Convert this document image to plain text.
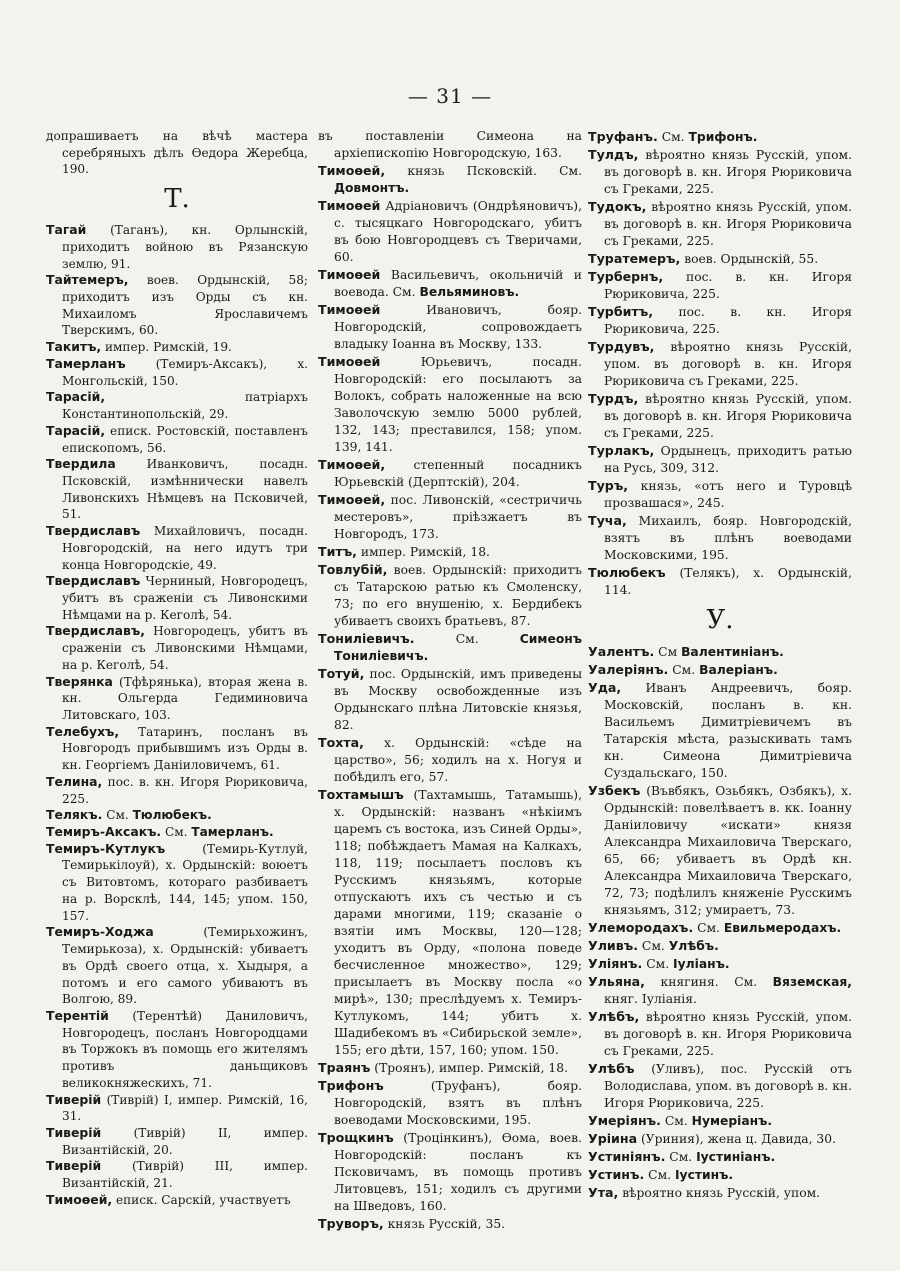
— 31 —
допрашиваетъ на вѣчѣ мастера серебряныхъ дѣлъ Ѳедора Жеребца, 190.
Т.
Тагай (Таганъ), кн. Орлынскій, приходитъ войною въ Рязанскую землю, 91.
Тайтемеръ, воев. Ордынскій, 58; приходитъ изъ Орды съ кн. Михаиломъ Ярославичемъ Тверскимъ, 60.
Такитъ, импер. Римскій, 19.
Тамерланъ (Темиръ-Аксакъ), х. Монгольскій, 150.
Тарасій,	патріархъ Константинопольскій, 29.
Тарасій, епиcк. Ростовскій, поставленъ епископомъ, 56.
Твердила	Иванковичъ, посадн. Псковскій, измѣннически навелъ Ливонскихъ Нѣмцевъ на Псковичей, 51.
Твердиславъ Михайловичъ, посадн. Новгородскій, на него идутъ три конца Новгородскіе, 49.
Твердиславъ Черниный, Новгородецъ, убитъ въ сраженіи съ Ливонскими Нѣмцами на р. Кеголѣ, 54.
Твердиславъ, Новгородецъ, убитъ въ сраженіи съ Ливонскими Нѣмцами, на р. Кеголѣ, 54.
Тверянка (Тфѣрянька), вторая жена в. кн. Ольгерда Гедиминовича Литовскаго, 103.
Телебухъ, Татаринъ, посланъ въ Новгородъ прибывшимъ изъ Орды в. кн. Георгіемъ Даніиловичемъ, 61.
Телина, пос. в. кн. Игоря Рюриковича, 225.
Телякъ. См. Тюлюбекъ.
Темиръ-Аксакъ. См. Тамерланъ.
Темиръ-Кутлукъ	(Темирь-Кутлуй, Темирькілоуй), х. Ордынскій: воюетъ съ Витовтомъ, котораго разбиваетъ на р. Ворсклѣ, 144, 145; упом. 150, 157.
Темиръ-Ходжа	(Темирьхожинъ, Темирькоза), х. Ордынскій: убиваетъ въ Ордѣ своего отца, х. Хыдыря, а потомъ и его самого убиваютъ въ Волгою, 89.
Терентій (Терентѣй) Даниловичъ, Новгородецъ, посланъ Новгородцами въ Торжокъ въ помощь его жителямъ противъ даньщиковъ великокняжескихъ, 71.
Тиверій (Тиврій) I, импер. Римскій, 16, 31.
Тиверій	(Тиврій) II, импер. Византійскій, 20.
Тиверій	(Тиврій) III, импер. Византійскій, 21.
Тимоѳей, епиcк. Сарскій, участвуетъ
въ поставленіи Симеона на архіепископію Новгородскую, 163.
Тимоѳей, князь Псковскій. См. Довмонтъ.
Тимоѳей Адріановичъ (Ондрѣяновичъ), с. тысяцкаго Новгородскаго, убитъ въ бою Новгородцевъ съ Тверичами, 60.
Тимоѳей Васильевичъ, окольничій и воевода. См. Вельяминовъ.
Тимоѳей	Ивановичъ, бояр. Новгородскій, сопровождаетъ владыку Іоанна въ Москву, 133.
Тимоѳей	Юрьевичъ, посадн. Новгородскій: его посылаютъ за Волокъ, собрать наложенные на всю Заволочскую землю 5000 рублей, 132, 143; преставился, 158; упом. 139, 141.
Тимоѳей, степенный посадникъ Юрьевскій (Дерптскій), 204.
Тимоѳей, пос. Ливонскій, «сестричичь местеровъ», пріѣзжаетъ въ Новгородъ, 173.
Титъ, импер. Римскій, 18.
Товлубій, воев. Ордынскій: приходитъ съ Татарскою ратью къ Смоленску, 73; по его внушенію, х. Бердибекъ убиваетъ своихъ братьевъ, 87.
Тониліевичъ.	См.	Симеонъ Тониліевичъ.
Тотуй, пос. Ордынскій, имъ приведены въ Москву освобожденные изъ Ордынскаго плѣна Литовскіе князья, 82.
Тохта, х. Ордынскій: «сѣде на царство», 56; ходилъ на х. Ногуя и побѣдилъ его, 57.
Тохтамышъ (Тахтамышь, Татамышь), х. Ордынскій: названъ «нѣкіимъ царемъ съ востока, изъ Синей Орды», 118; побѣждаетъ Мамая на Калкахъ, 118, 119; посылаетъ пословъ къ Русскимъ князьямъ, которые отпускаютъ ихъ съ честью и съ дарами многими, 119; сказаніе о взятіи имъ Москвы, 120—128; уходитъ въ Орду, «полона поведе бесчисленное множество», 129; присылаетъ въ Москву посла «о мирѣ», 130; преслѣдуемъ х. Темиръ-Кутлукомъ, 144; убитъ х. Шадибекомъ въ «Сибирьской земле», 155; его дѣти, 157, 160; упом. 150.
Траянъ (Троянъ), импер. Римскій, 18.
Трифонъ	(Труфанъ), бояр. Новгородскій, взятъ въ плѣнъ воеводами Московскими, 195.
Трощкинъ (Троцінкинъ), Ѳома, воев. Новгородскій: посланъ къ Псковичамъ, въ помощь противъ Литовцевъ, 151; ходилъ съ другими на Шведовъ, 160.
Труворъ, князь Русскій, 35.
Труфанъ. См. Трифонъ.
Тулдъ, вѣроятно князь Русскій, упом. въ договорѣ в. кн. Игоря Рюриковича съ Греками, 225.
Тудокъ, вѣроятно князь Русскій, упом. въ договорѣ в. кн. Игоря Рюриковича съ Греками, 225.
Туратемеръ, воев. Ордынскій, 55.
Турбернъ, пос. в. кн. Игоря Рюриковича, 225.
Турбитъ, пос. в. кн. Игоря Рюриковича, 225.
Турдувъ, вѣроятно князь Русскій, упом. въ договорѣ в. кн. Игоря Рюриковича съ Греками, 225.
Турдъ, вѣроятно князь Русскій, упом. въ договорѣ в. кн. Игоря Рюриковича съ Греками, 225.
Турлакъ, Ордынецъ, приходитъ ратью на Русь, 309, 312.
Туръ, князь, «отъ него и Туровцѣ прозвашася», 245.
Туча, Михаилъ, бояр. Новгородскій, взятъ въ плѣнъ воеводами Московскими, 195.
Тюлюбекъ (Телякъ), х. Ордынскій, 114.
У.
Уалентъ. См Валентиніанъ.
Уалеріянъ. См. Валеріанъ.
Уда, Иванъ Андреевичъ, бояр. Московскій, посланъ в. кн. Васильемъ Димитріевичемъ въ Татарскія мѣста, разыскивать тамъ кн. Симеона Димитріевича Суздальскаго, 150.
Узбекъ (Въвбякъ, Озьбякъ, Озбякъ), х. Ордынскій: повелѣваетъ в. кк. Іоанну Даніиловичу «искати» князя Александра Михаиловича Тверскаго, 65, 66; убиваетъ въ Ордѣ кн. Александра Михаиловича Тверскаго, 72, 73; подѣлилъ княженіе Русскимъ князьямъ, 312; умираетъ, 73.
Улемородахъ. См. Евильмеродахъ.
Уливъ. См. Улѣбъ.
Уліянъ. См. Іуліанъ.
Ульяна, княгиня. См. Вяземская, княг. Іуліанія.
Улѣбъ, вѣроятно князь Русскій, упом. въ договорѣ в. кн. Игоря Рюриковича съ Греками, 225.
Улѣбъ (Уливъ), пос. Русскій отъ Володислава, упом. въ договорѣ в. кн. Игоря Рюриковича, 225.
Умеріянъ. См. Нумеріанъ.
Уріина (Уриния), жена ц. Давида, 30.
Устиніянъ. См. Іустиніанъ.
Устинъ. См. Іустинъ.
Ута, вѣроятно князь Русскій, упом.
